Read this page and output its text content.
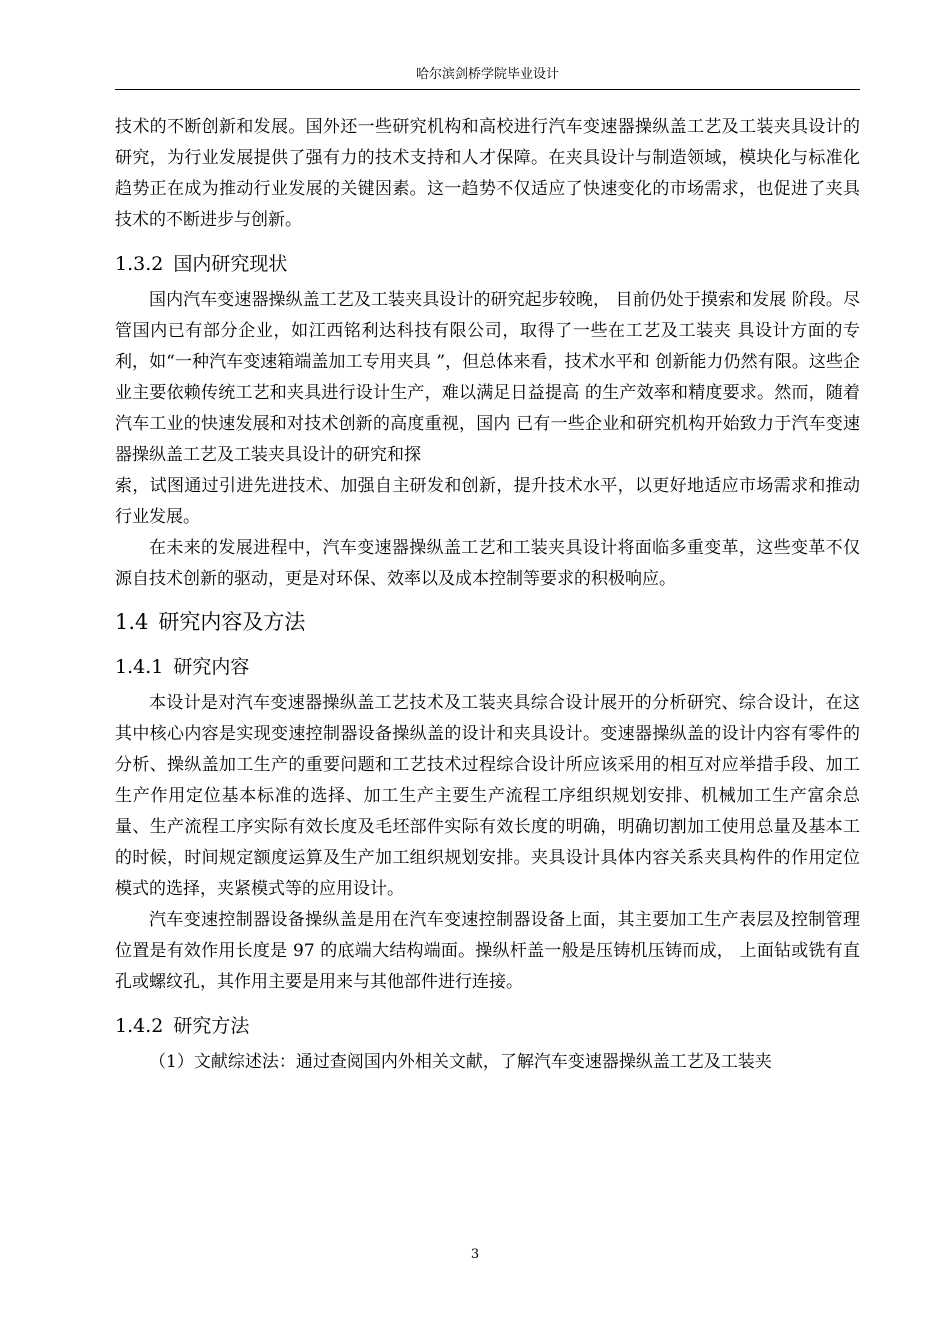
哈尔滨剑桥学院毕业设计

技术的不断创新和发展。国外还一些研究机构和高校进行汽车变速器操纵盖工艺及工装夹具设计的研究，为行业发展提供了强有力的技术支持和人才保障。在夹具设计与制造领域，模块化与标准化趋势正在成为推动行业发展的关键因素。这一趋势不仅适应了快速变化的市场需求，也促进了夹具技术的不断进步与创新。

1.3.2 国内研究现状

国内汽车变速器操纵盖工艺及工装夹具设计的研究起步较晚， 目前仍处于摸索和发展 阶段。尽管国内已有部分企业，如江西铭利达科技有限公司，取得了一些在工艺及工装夹 具设计方面的专利，如“一种汽车变速箱端盖加工专用夹具 ”，但总体来看，技术水平和 创新能力仍然有限。这些企业主要依赖传统工艺和夹具进行设计生产，难以满足日益提高 的生产效率和精度要求。然而，随着汽车工业的快速发展和对技术创新的高度重视，国内 已有一些企业和研究机构开始致力于汽车变速器操纵盖工艺及工装夹具设计的研究和探

索，试图通过引进先进技术、加强自主研发和创新，提升技术水平，以更好地适应市场需求和推动行业发展。

在未来的发展进程中，汽车变速器操纵盖工艺和工装夹具设计将面临多重变革，这些变革不仅源自技术创新的驱动，更是对环保、效率以及成本控制等要求的积极响应。

1.4 研究内容及方法
1.4.1 研究内容

本设计是对汽车变速器操纵盖工艺技术及工装夹具综合设计展开的分析研究、综合设计，在这其中核心内容是实现变速控制器设备操纵盖的设计和夹具设计。变速器操纵盖的设计内容有零件的分析、操纵盖加工生产的重要问题和工艺技术过程综合设计所应该采用的相互对应举措手段、加工生产作用定位基本标准的选择、加工生产主要生产流程工序组织规划安排、机械加工生产富余总量、生产流程工序实际有效长度及毛坯部件实际有效长度的明确，明确切割加工使用总量及基本工的时候，时间规定额度运算及生产加工组织规划安排。夹具设计具体内容关系夹具构件的作用定位模式的选择，夹紧模式等的应用设计。

汽车变速控制器设备操纵盖是用在汽车变速控制器设备上面，其主要加工生产表层及控制管理位置是有效作用长度是 97 的底端大结构端面。操纵杆盖一般是压铸机压铸而成， 上面钻或铣有直孔或螺纹孔，其作用主要是用来与其他部件进行连接。

1.4.2 研究方法

（1）文献综述法：通过查阅国内外相关文献，了解汽车变速器操纵盖工艺及工装夹

3
